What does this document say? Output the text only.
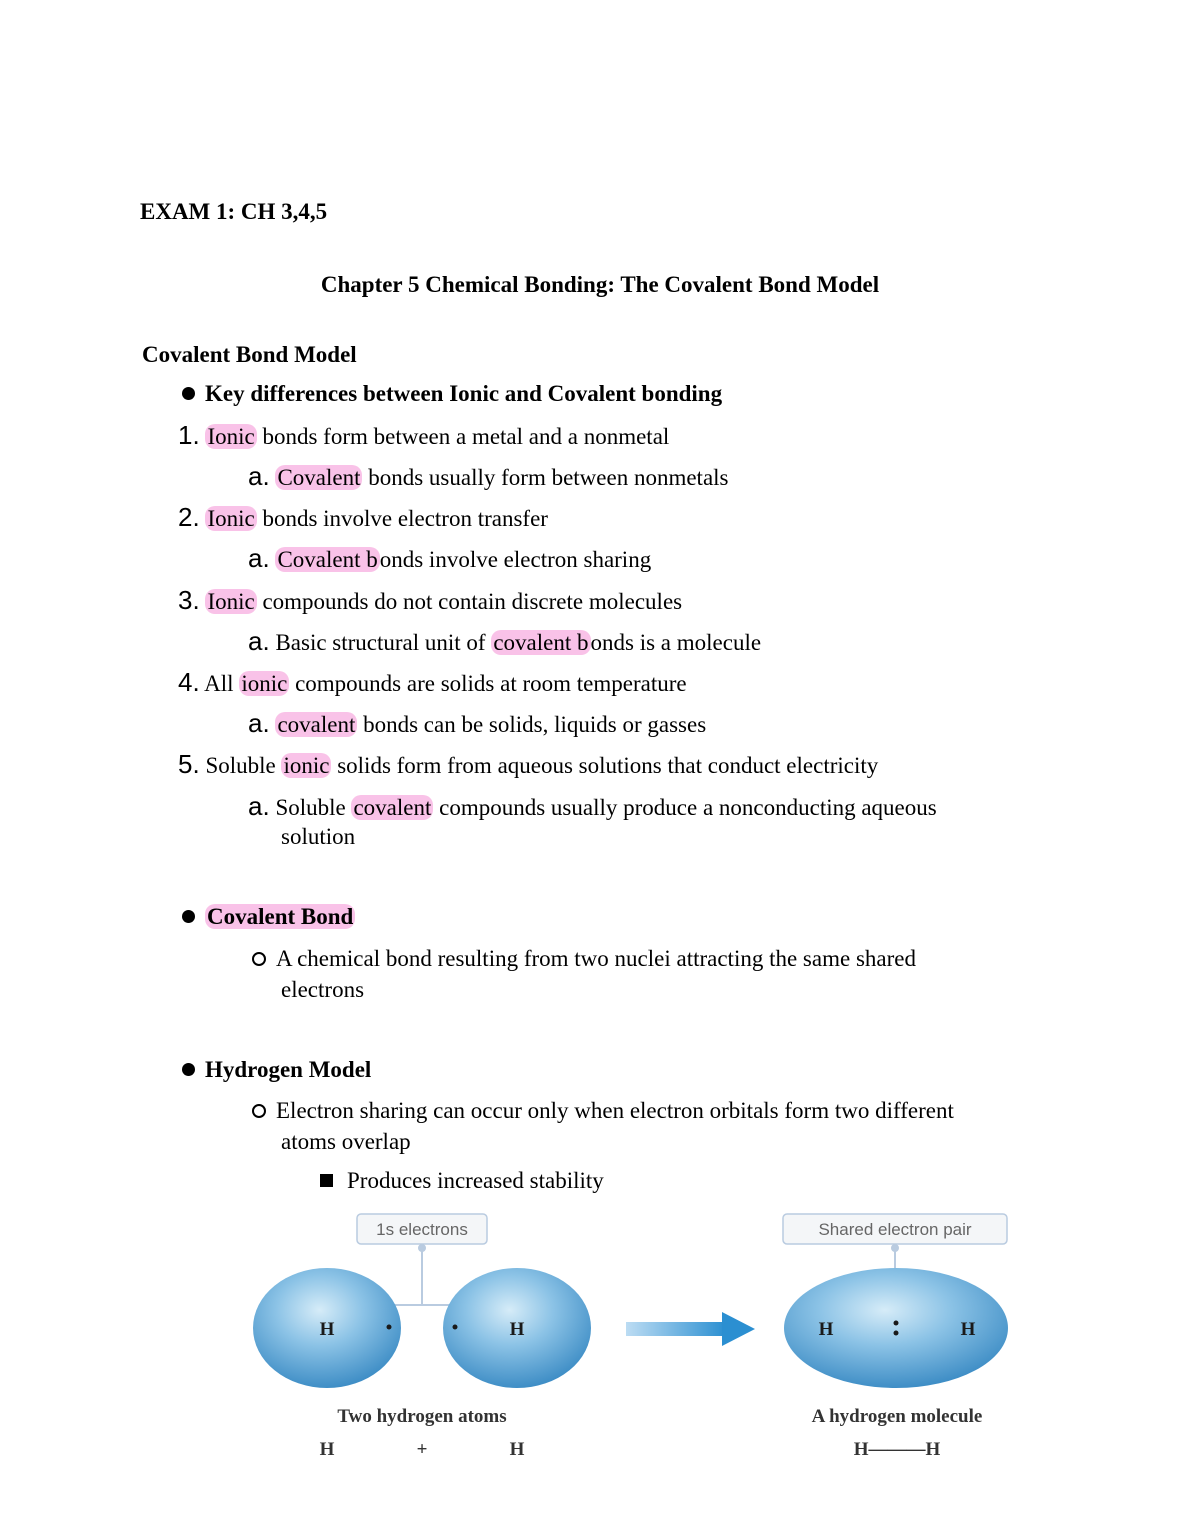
EXAM 1: CH 3,4,5
Chapter 5 Chemical Bonding: The Covalent Bond Model
Covalent Bond Model
Key differences between Ionic and Covalent bonding
1. Ionic bonds form between a metal and a nonmetal
a. Covalent bonds usually form between nonmetals
2. Ionic bonds involve electron transfer
a. Covalent bonds involve electron sharing
3. Ionic compounds do not contain discrete molecules
a. Basic structural unit of covalent bonds is a molecule
4. All ionic compounds are solids at room temperature
a. covalent bonds can be solids, liquids or gasses
5. Soluble ionic solids form from aqueous solutions that conduct electricity
a. Soluble covalent compounds usually produce a nonconducting aqueous
solution
Covalent Bond
A chemical bond resulting from two nuclei attracting the same shared
electrons
Hydrogen Model
Electron sharing can occur only when electron orbitals form two different
atoms overlap
Produces increased stability
1s electrons
H	H
Shared electron pair
H	H
Two hydrogen atoms	A hydrogen molecule
H	+	H	H———H
